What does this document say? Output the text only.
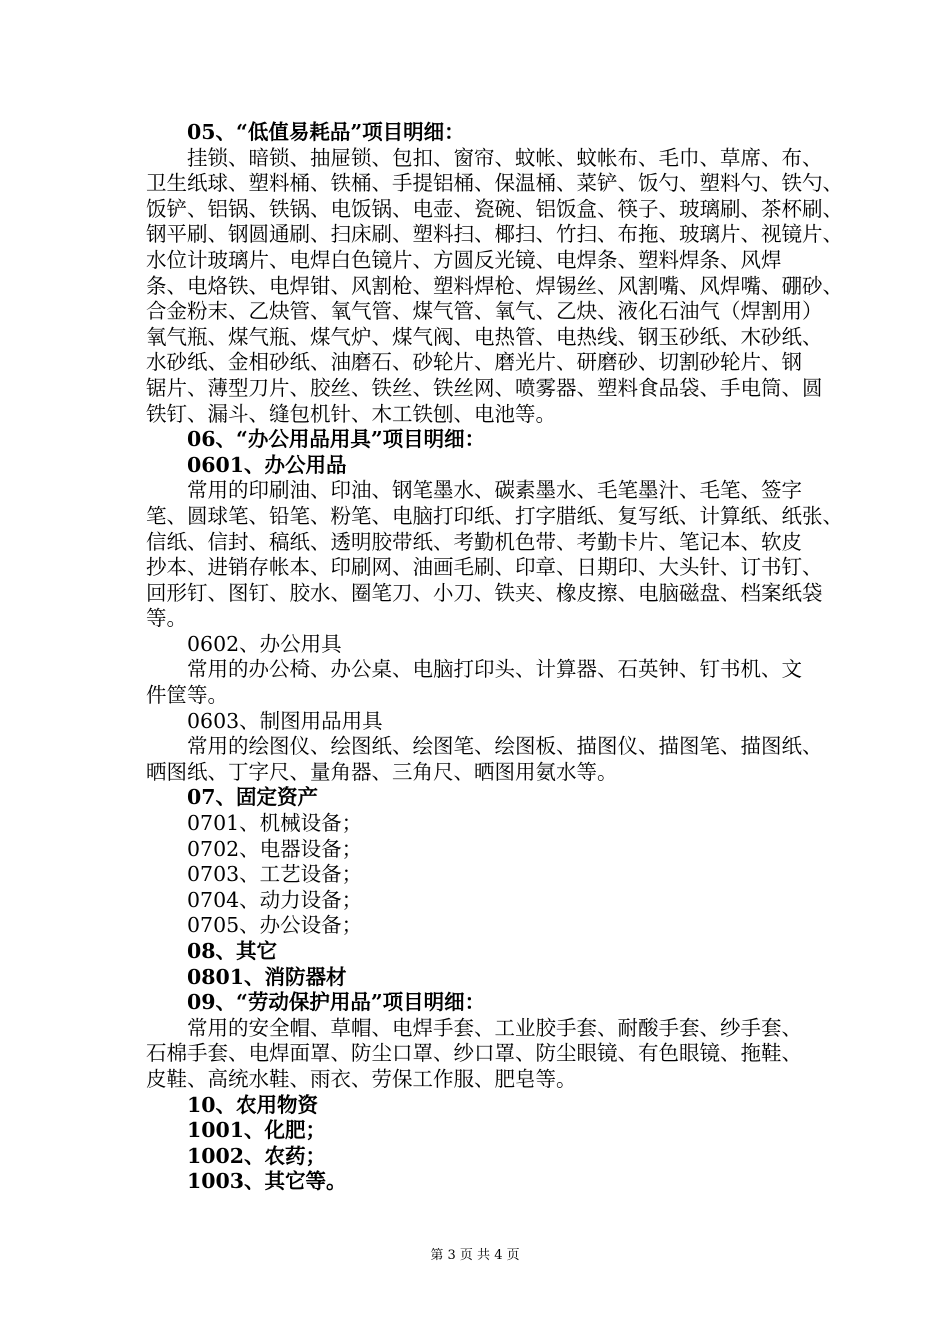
05、“低值易耗品”项目明细：
挂锁、暗锁、抽屉锁、包扣、窗帘、蚊帐、蚊帐布、毛巾、草席、布、
卫生纸球、塑料桶、铁桶、手提铝桶、保温桶、菜铲、饭勺、塑料勺、铁勺、
饭铲、铝锅、铁锅、电饭锅、电壶、瓷碗、铝饭盒、筷子、玻璃刷、茶杯刷、
钢平刷、钢圆通刷、扫床刷、塑料扫、椰扫、竹扫、布拖、玻璃片、视镜片、
水位计玻璃片、电焊白色镜片、方圆反光镜、电焊条、塑料焊条、风焊
条、电烙铁、电焊钳、风割枪、塑料焊枪、焊锡丝、风割嘴、风焊嘴、硼砂、
合金粉末、乙炔管、氧气管、煤气管、氧气、乙炔、液化石油气（焊割用）
氧气瓶、煤气瓶、煤气炉、煤气阀、电热管、电热线、钢玉砂纸、木砂纸、
水砂纸、金相砂纸、油磨石、砂轮片、磨光片、研磨砂、切割砂轮片、钢
锯片、薄型刀片、胶丝、铁丝、铁丝网、喷雾器、塑料食品袋、手电筒、圆
铁钉、漏斗、缝包机针、木工铁刨、电池等。
06、“办公用品用具”项目明细：
0601、办公用品
常用的印刷油、印油、钢笔墨水、碳素墨水、毛笔墨汁、毛笔、签字
笔、圆球笔、铅笔、粉笔、电脑打印纸、打字腊纸、复写纸、计算纸、纸张、
信纸、信封、稿纸、透明胶带纸、考勤机色带、考勤卡片、笔记本、软皮
抄本、进销存帐本、印刷网、油画毛刷、印章、日期印、大头针、订书钉、
回形钉、图钉、胶水、圈笔刀、小刀、铁夹、橡皮擦、电脑磁盘、档案纸袋
等。
0602、办公用具
常用的办公椅、办公桌、电脑打印头、计算器、石英钟、钉书机、文
件筐等。
0603、制图用品用具
常用的绘图仪、绘图纸、绘图笔、绘图板、描图仪、描图笔、描图纸、
晒图纸、丁字尺、量角器、三角尺、晒图用氨水等。
07、固定资产
0701、机械设备；
0702、电器设备；
0703、工艺设备；
0704、动力设备；
0705、办公设备；
08、其它
0801、消防器材
09、“劳动保护用品”项目明细：
常用的安全帽、草帽、电焊手套、工业胶手套、耐酸手套、纱手套、
石棉手套、电焊面罩、防尘口罩、纱口罩、防尘眼镜、有色眼镜、拖鞋、
皮鞋、高统水鞋、雨衣、劳保工作服、肥皂等。
10、农用物资
1001、化肥；
1002、农药；
1003、其它等。
第 3 页 共 4 页
